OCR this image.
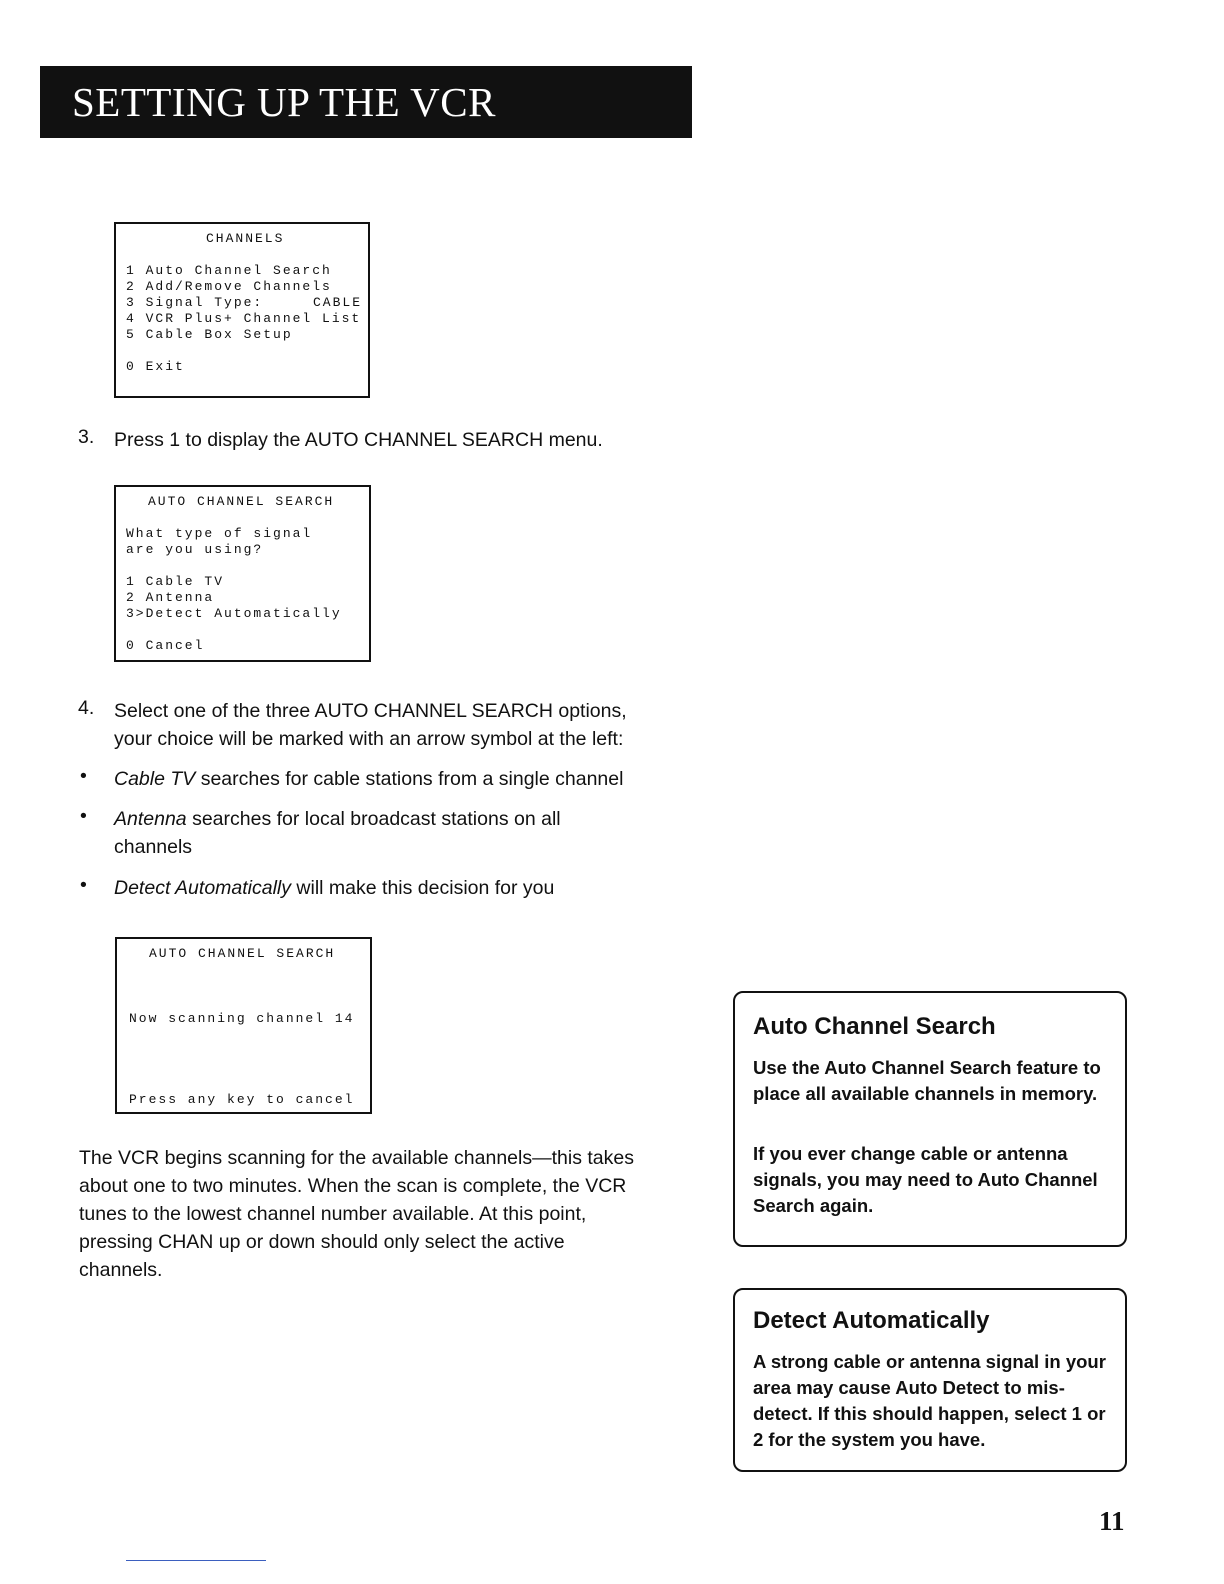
SETTING UP THE VCR
CHANNELS
1 Auto Channel Search
2 Add/Remove Channels
3 Signal Type:	CABLE
4 VCR Plus+ Channel List
5 Cable Box Setup
0 Exit
3. Press 1 to display the AUTO CHANNEL SEARCH menu.
AUTO CHANNEL SEARCH
What type of signal
are you using?
1 Cable TV
2 Antenna
3>Detect Automatically
0 Cancel
4. Select one of the three AUTO CHANNEL SEARCH options,
your choice will be marked with an arrow symbol at the left:
• Cable TV searches for cable stations from a single channel
• Antenna searches for local broadcast stations on all
channels
• Detect Automatically will make this decision for you
AUTO CHANNEL SEARCH
Now scanning channel 14
Press any key to cancel
The VCR begins scanning for the available channels—this takes
about one to two minutes. When the scan is complete, the VCR
tunes to the lowest channel number available. At this point,
pressing CHAN up or down should only select the active
channels.
Auto Channel Search
Use the Auto Channel Search feature to place all available channels in memory.
If you ever change cable or antenna signals, you may need to Auto Channel Search again.
Detect Automatically
A strong cable or antenna signal in your area may cause Auto Detect to mis-detect. If this should happen, select 1 or 2 for the system you have.
11
